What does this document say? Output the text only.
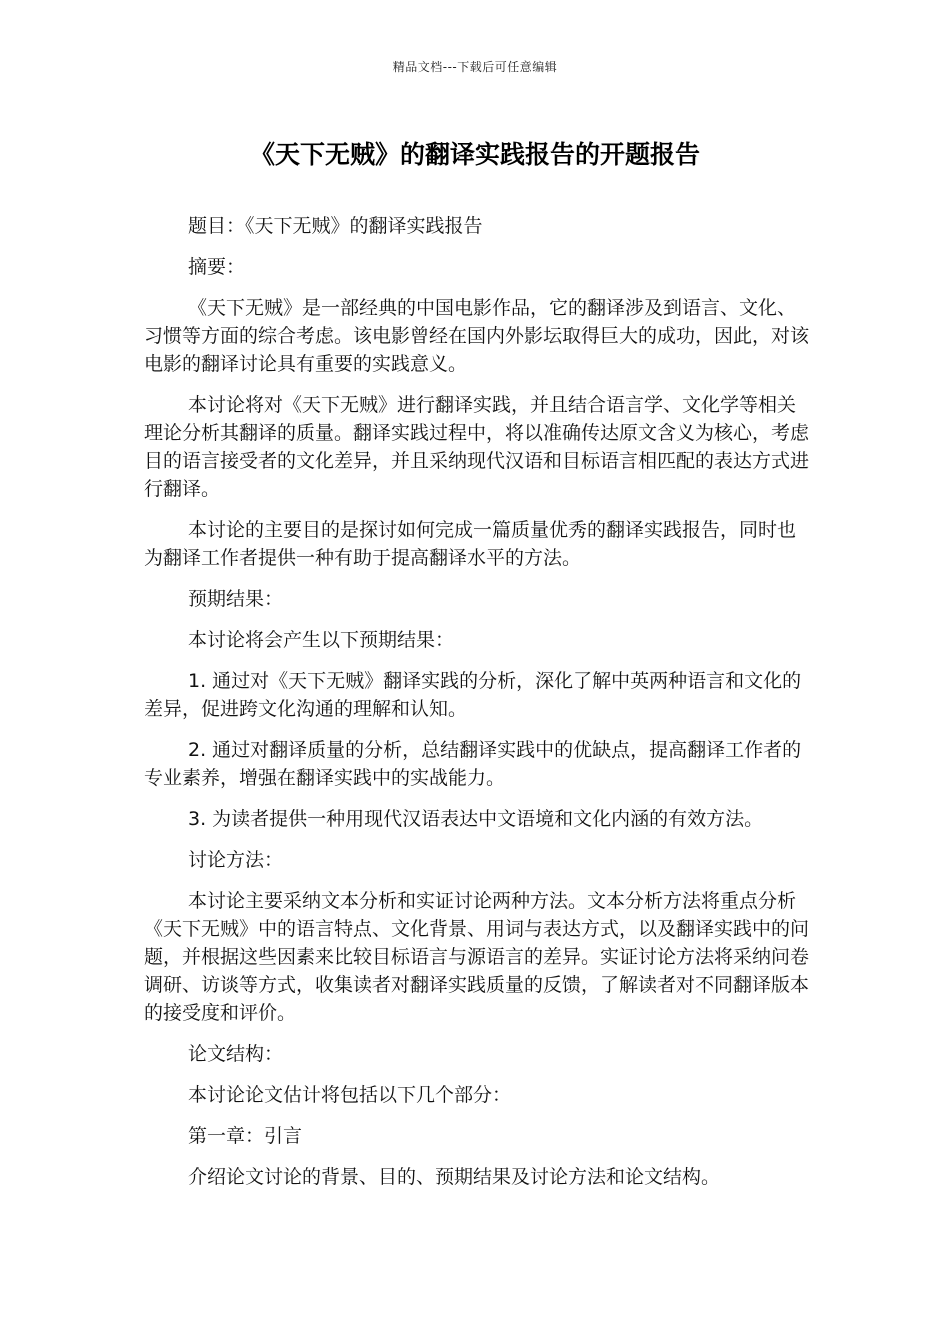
精品文档---下载后可任意编辑
《天下无贼》的翻译实践报告的开题报告

题目：《天下无贼》的翻译实践报告

摘要：

《天下无贼》是一部经典的中国电影作品，它的翻译涉及到语言、文化、习惯等方面的综合考虑。该电影曾经在国内外影坛取得巨大的成功，因此，对该电影的翻译讨论具有重要的实践意义。

本讨论将对《天下无贼》进行翻译实践，并且结合语言学、文化学等相关理论分析其翻译的质量。翻译实践过程中，将以准确传达原文含义为核心，考虑目的语言接受者的文化差异，并且采纳现代汉语和目标语言相匹配的表达方式进行翻译。

本讨论的主要目的是探讨如何完成一篇质量优秀的翻译实践报告，同时也为翻译工作者提供一种有助于提高翻译水平的方法。

预期结果：

本讨论将会产生以下预期结果：

1. 通过对《天下无贼》翻译实践的分析，深化了解中英两种语言和文化的差异，促进跨文化沟通的理解和认知。

2. 通过对翻译质量的分析，总结翻译实践中的优缺点，提高翻译工作者的专业素养，增强在翻译实践中的实战能力。

3. 为读者提供一种用现代汉语表达中文语境和文化内涵的有效方法。

讨论方法：

本讨论主要采纳文本分析和实证讨论两种方法。文本分析方法将重点分析《天下无贼》中的语言特点、文化背景、用词与表达方式，以及翻译实践中的问题，并根据这些因素来比较目标语言与源语言的差异。实证讨论方法将采纳问卷调研、访谈等方式，收集读者对翻译实践质量的反馈，了解读者对不同翻译版本的接受度和评价。

论文结构：

本讨论论文估计将包括以下几个部分：

第一章：引言

介绍论文讨论的背景、目的、预期结果及讨论方法和论文结构。
